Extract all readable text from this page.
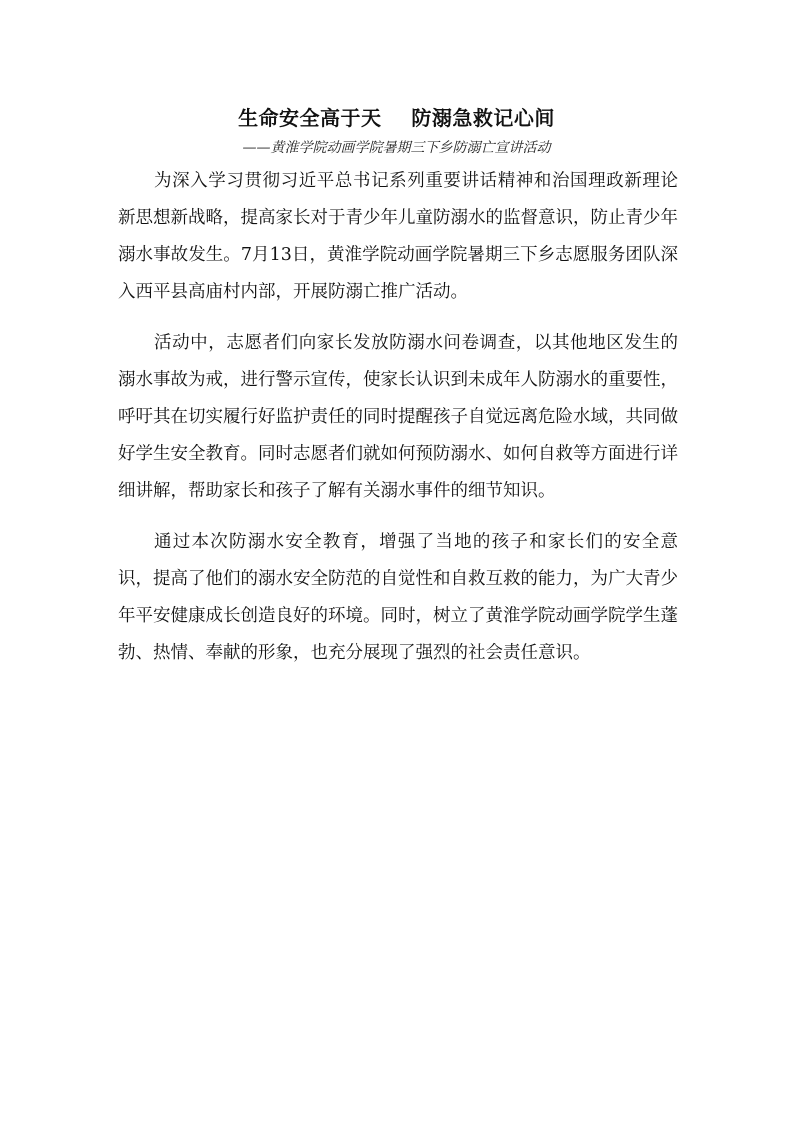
生命安全高于天    防溺急救记心间
——黄淮学院动画学院暑期三下乡防溺亡宣讲活动

为深入学习贯彻习近平总书记系列重要讲话精神和治国理政新理论新思想新战略，提高家长对于青少年儿童防溺水的监督意识，防止青少年溺水事故发生。7月13日，黄淮学院动画学院暑期三下乡志愿服务团队深入西平县高庙村内部，开展防溺亡推广活动。

活动中，志愿者们向家长发放防溺水问卷调查，以其他地区发生的溺水事故为戒，进行警示宣传，使家长认识到未成年人防溺水的重要性，呼吁其在切实履行好监护责任的同时提醒孩子自觉远离危险水域，共同做好学生安全教育。同时志愿者们就如何预防溺水、如何自救等方面进行详细讲解，帮助家长和孩子了解有关溺水事件的细节知识。

通过本次防溺水安全教育，增强了当地的孩子和家长们的安全意识，提高了他们的溺水安全防范的自觉性和自救互救的能力，为广大青少年平安健康成长创造良好的环境。同时，树立了黄淮学院动画学院学生蓬勃、热情、奉献的形象，也充分展现了强烈的社会责任意识。
